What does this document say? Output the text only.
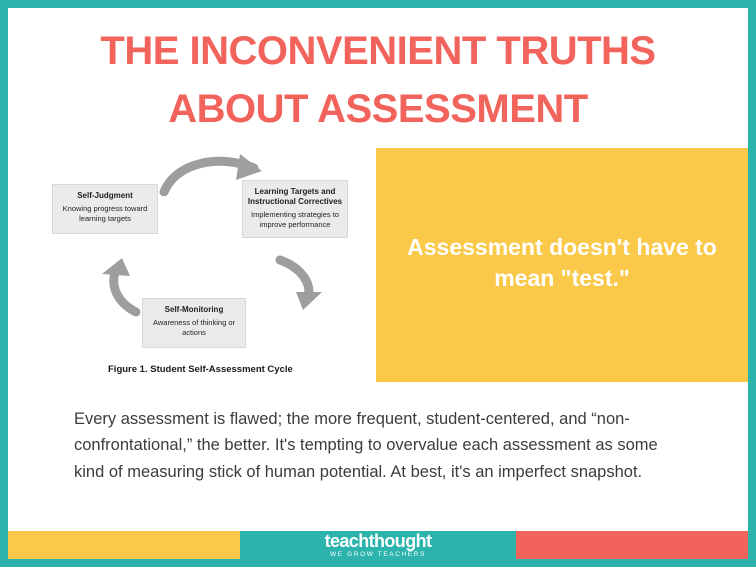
THE INCONVENIENT TRUTHS
ABOUT ASSESSMENT
Self-Judgment
Knowing progress toward learning targets
Learning Targets and Instructional Correctives
Implementing strategies to improve performance
Self-Monitoring
Awareness of thinking or actions
Figure 1. Student Self-Assessment Cycle
Assessment doesn't have to mean "test."
Every assessment is flawed; the more frequent, student-centered, and “non-confrontational,” the better. It's tempting to overvalue each assessment as some kind of measuring stick of human potential. At best, it's an imperfect snapshot.
teachthought
WE GROW TEACHERS
